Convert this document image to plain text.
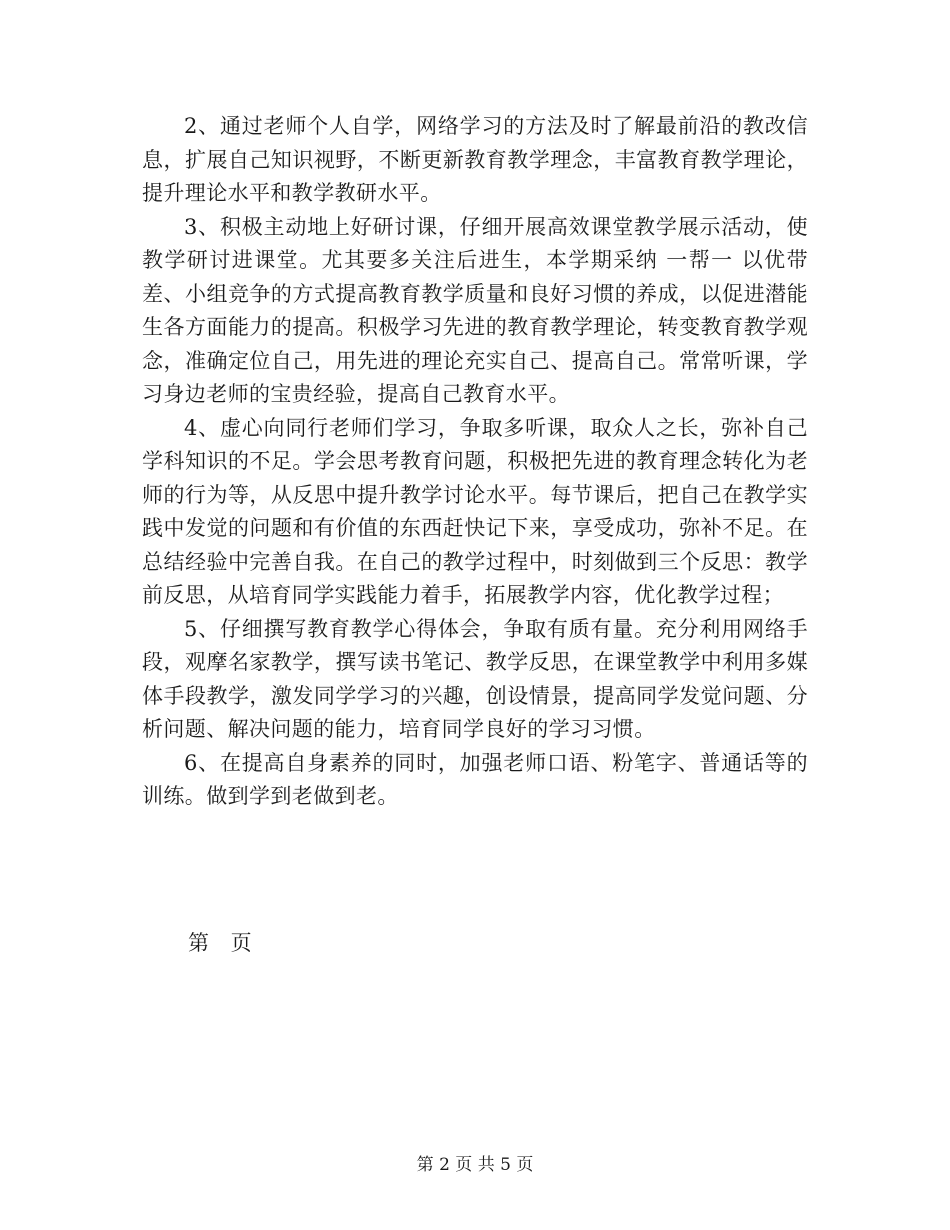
2、通过老师个人自学，网络学习的方法及时了解最前沿的教改信息，扩展自己知识视野，不断更新教育教学理念，丰富教育教学理论，提升理论水平和教学教研水平。

3、积极主动地上好研讨课，仔细开展高效课堂教学展示活动，使教学研讨进课堂。尤其要多关注后进生，本学期采纳 一帮一 以优带差、小组竞争的方式提高教育教学质量和良好习惯的养成，以促进潜能生各方面能力的提高。积极学习先进的教育教学理论，转变教育教学观念，准确定位自己，用先进的理论充实自己、提高自己。常常听课，学习身边老师的宝贵经验，提高自己教育水平。

4、虚心向同行老师们学习，争取多听课，取众人之长，弥补自己学科知识的不足。学会思考教育问题，积极把先进的教育理念转化为老师的行为等，从反思中提升教学讨论水平。每节课后，把自己在教学实践中发觉的问题和有价值的东西赶快记下来，享受成功，弥补不足。在总结经验中完善自我。在自己的教学过程中，时刻做到三个反思：教学前反思，从培育同学实践能力着手，拓展教学内容，优化教学过程；

5、仔细撰写教育教学心得体会，争取有质有量。充分利用网络手段，观摩名家教学，撰写读书笔记、教学反思，在课堂教学中利用多媒体手段教学，激发同学学习的兴趣，创设情景，提高同学发觉问题、分析问题、解决问题的能力，培育同学良好的学习习惯。

6、在提高自身素养的同时，加强老师口语、粉笔字、普通话等的训练。做到学到老做到老。

第   页
第 2 页 共 5 页
